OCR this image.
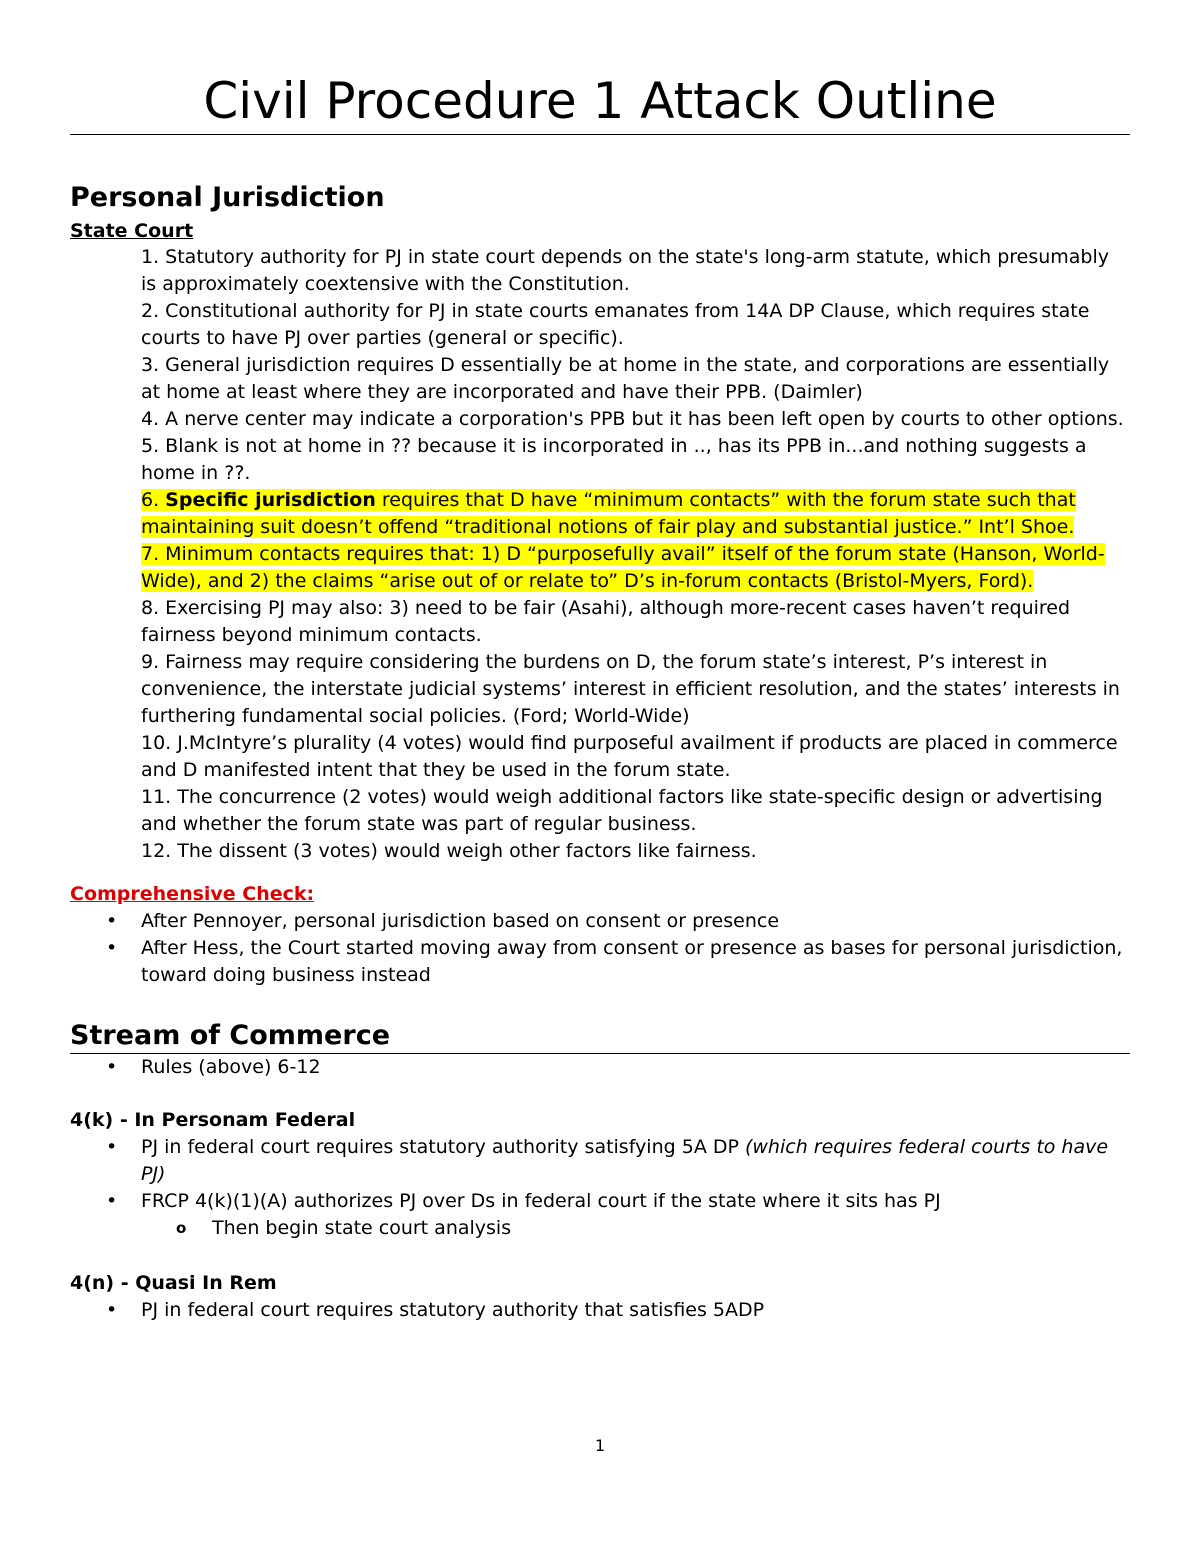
Civil Procedure 1 Attack Outline
Personal Jurisdiction
State Court
1. Statutory authority for PJ in state court depends on the state's long-arm statute, which presumably is approximately coextensive with the Constitution.
2. Constitutional authority for PJ in state courts emanates from 14A DP Clause, which requires state courts to have PJ over parties (general or specific).
3. General jurisdiction requires D essentially be at home in the state, and corporations are essentially at home at least where they are incorporated and have their PPB. (Daimler)
4. A nerve center may indicate a corporation's PPB but it has been left open by courts to other options.
5. Blank is not at home in ?? because it is incorporated in .., has its PPB in...and nothing suggests a home in ??.
6. Specific jurisdiction requires that D have “minimum contacts” with the forum state such that maintaining suit doesn’t offend “traditional notions of fair play and substantial justice.” Int’l Shoe.
7. Minimum contacts requires that: 1) D “purposefully avail” itself of the forum state (Hanson, World-Wide), and 2) the claims “arise out of or relate to” D’s in-forum contacts (Bristol-Myers, Ford).
8. Exercising PJ may also: 3) need to be fair (Asahi), although more-recent cases haven’t required fairness beyond minimum contacts.
9. Fairness may require considering the burdens on D, the forum state’s interest, P’s interest in convenience, the interstate judicial systems’ interest in efficient resolution, and the states’ interests in furthering fundamental social policies. (Ford; World-Wide)
10. J.McIntyre’s plurality (4 votes) would find purposeful availment if products are placed in commerce and D manifested intent that they be used in the forum state.
11. The concurrence (2 votes) would weigh additional factors like state-specific design or advertising and whether the forum state was part of regular business.
12. The dissent (3 votes) would weigh other factors like fairness.
Comprehensive Check:
• After Pennoyer, personal jurisdiction based on consent or presence
• After Hess, the Court started moving away from consent or presence as bases for personal jurisdiction, toward doing business instead
Stream of Commerce
• Rules (above) 6-12
4(k) - In Personam Federal
• PJ in federal court requires statutory authority satisfying 5A DP (which requires federal courts to have PJ)
• FRCP 4(k)(1)(A) authorizes PJ over Ds in federal court if the state where it sits has PJ
o Then begin state court analysis
4(n) - Quasi In Rem
• PJ in federal court requires statutory authority that satisfies 5ADP
1
